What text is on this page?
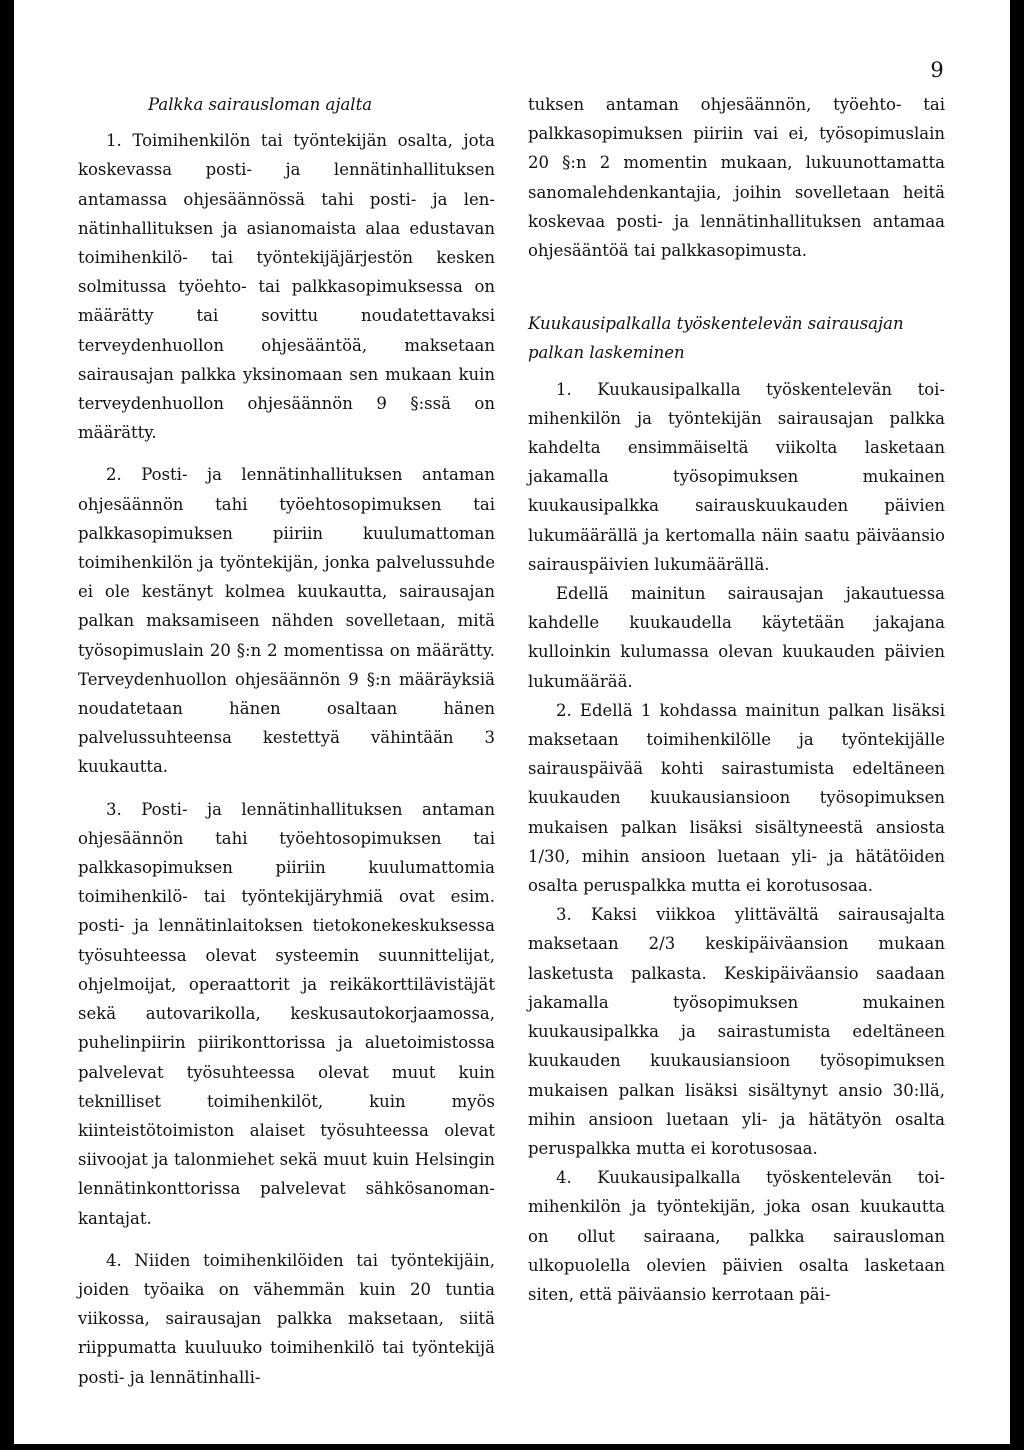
9

Palkka sairausloman ajalta

1. Toimihenkilön tai työntekijän osalta, jota koskevassa posti- ja lennätinhallituksen antamassa ohjesäännössä tahi posti- ja lennätinhallituksen ja asianomaista alaa edustavan toimihenkilö- tai työntekijäjärjestön kesken solmitussa työehto- tai palkkasopimuksessa on määrätty tai sovittu noudatettavaksi terveydenhuollon ohjesääntöä, maksetaan sairausajan palkka yksinomaan sen mukaan kuin terveydenhuollon ohjesäännön 9 §:ssä on määrätty.

2. Posti- ja lennätinhallituksen antaman ohjesäännön tahi työehtosopimuksen tai palkkasopimuksen piiriin kuulumattoman toimihenkilön ja työntekijän, jonka palvelussuhde ei ole kestänyt kolmea kuukautta, sairausajan palkan maksamiseen nähden sovelletaan, mitä työsopimuslain 20 §:n 2 momentissa on määrätty. Terveydenhuollon ohjesäännön 9 §:n määräyksiä noudatetaan hänen osaltaan hänen palvelussuhteensa kestettyä vähintään 3 kuukautta.

3. Posti- ja lennätinhallituksen antaman ohjesäännön tahi työehtosopimuksen tai palkkasopimuksen piiriin kuulumattomia toimihenkilö- tai työntekijäryhmiä ovat esim. posti- ja lennätinlaitoksen tietokonekeskuksessa työsuhteessa olevat systeemin suunnittelijat, ohjelmoijat, operaattorit ja reikäkorttilävistäjät sekä autovarikolla, keskusautokorjaamossa, puhelinpiirin piirikonttorissa ja aluetoimistossa palvelevat työsuhteessa olevat muut kuin teknilliset toimihenkilöt, kuin myös kiinteistötoimiston alaiset työsuhteessa olevat siivoojat ja talonmiehet sekä muut kuin Helsingin lennätinkonttorissa palvelevat sähkösanomankantajat.

4. Niiden toimihenkilöiden tai työntekijäin, joiden työaika on vähemmän kuin 20 tuntia viikossa, sairausajan palkka maksetaan, siitä riippumatta kuuluuko toimihenkilö tai työntekijä posti- ja lennätinhalli-

tuksen antaman ohjesäännön, työehto- tai palkkasopimuksen piiriin vai ei, työsopimuslain 20 §:n 2 momentin mukaan, lukuunottamatta sanomalehdenkantajia, joihin sovelletaan heitä koskevaa posti- ja lennätinhallituksen antamaa ohjesääntöä tai palkkasopimusta.

Kuukausipalkalla työskentelevän sairausajan palkan laskeminen

1. Kuukausipalkalla työskentelevän toimihenkilön ja työntekijän sairausajan palkka kahdelta ensimmäiseltä viikolta lasketaan jakamalla työsopimuksen mukainen kuukausipalkka sairauskuukauden päivien lukumäärällä ja kertomalla näin saatu päiväansio sairauspäivien lukumäärällä.

Edellä mainitun sairausajan jakautuessa kahdelle kuukaudella käytetään jakajana kulloinkin kulumassa olevan kuukauden päivien lukumäärää.

2. Edellä 1 kohdassa mainitun palkan lisäksi maksetaan toimihenkilölle ja työntekijälle sairauspäivää kohti sairastumista edeltäneen kuukauden kuukausiansioon työsopimuksen mukaisen palkan lisäksi sisältyneestä ansiosta 1/30, mihin ansioon luetaan yli- ja hätätöiden osalta peruspalkka mutta ei korotusosaa.

3. Kaksi viikkoa ylittävältä sairausajalta maksetaan 2/3 keskipäiväansion mukaan lasketusta palkasta. Keskipäiväansio saadaan jakamalla työsopimuksen mukainen kuukausipalkka ja sairastumista edeltäneen kuukauden kuukausiansioon työsopimuksen mukaisen palkan lisäksi sisältynyt ansio 30:llä, mihin ansioon luetaan yli- ja hätätyön osalta peruspalkka mutta ei korotusosaa.

4. Kuukausipalkalla työskentelevän toimihenkilön ja työntekijän, joka osan kuukautta on ollut sairaana, palkka sairausloman ulkopuolella olevien päivien osalta lasketaan siten, että päiväansio kerrotaan päi-
